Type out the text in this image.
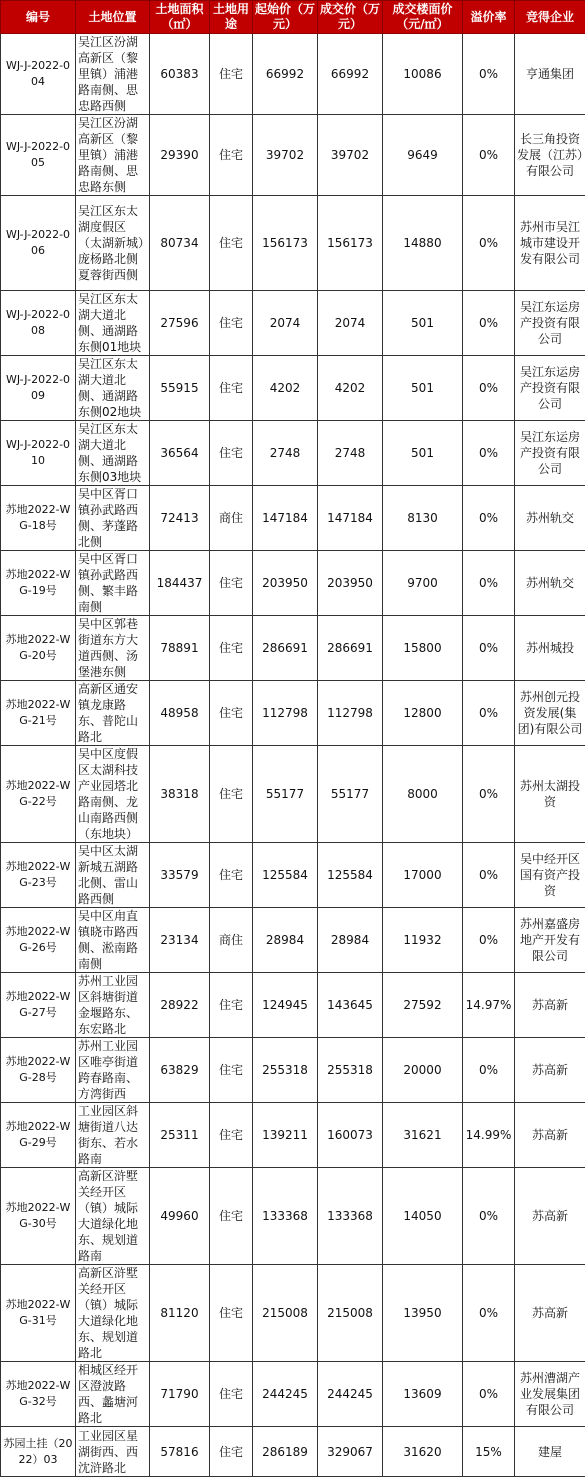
编号	土地位置	土地面积（㎡）	土地用途	起始价（万元）	成交价（万元）	成交楼面价（元/㎡）	溢价率	竞得企业
WJ-J-2022-004	吴江区汾湖高新区（黎里镇）浦港路南侧、思忠路西侧	60383	住宅	66992	66992	10086	0%	亨通集团
WJ-J-2022-005	吴江区汾湖高新区（黎里镇）浦港路南侧、思忠路东侧	29390	住宅	39702	39702	9649	0%	长三角投资发展（江苏）有限公司
WJ-J-2022-006	吴江区东太湖度假区（太湖新城）庞杨路北侧夏蓉街西侧	80734	住宅	156173	156173	14880	0%	苏州市吴江城市建设开发有限公司
WJ-J-2022-008	吴江区东太湖大道北侧、通湖路东侧01地块	27596	住宅	2074	2074	501	0%	吴江东运房产投资有限公司
WJ-J-2022-009	吴江区东太湖大道北侧、通湖路东侧02地块	55915	住宅	4202	4202	501	0%	吴江东运房产投资有限公司
WJ-J-2022-010	吴江区东太湖大道北侧、通湖路东侧03地块	36564	住宅	2748	2748	501	0%	吴江东运房产投资有限公司
苏地2022-WG-18号	吴中区胥口镇孙武路西侧、茅蓬路北侧	72413	商住	147184	147184	8130	0%	苏州轨交
苏地2022-WG-19号	吴中区胥口镇孙武路西侧、繁丰路南侧	184437	住宅	203950	203950	9700	0%	苏州轨交
苏地2022-WG-20号	吴中区郭巷街道东方大道西侧、汤堡港东侧	78891	住宅	286691	286691	15800	0%	苏州城投
苏地2022-WG-21号	高新区通安镇龙康路东、普陀山路北	48958	住宅	112798	112798	12800	0%	苏州创元投资发展(集团)有限公司
苏地2022-WG-22号	吴中区度假区太湖科技产业园塔北路南侧、龙山南路西侧（东地块）	38318	住宅	55177	55177	8000	0%	苏州太湖投资
苏地2022-WG-23号	吴中区太湖新城五湖路北侧、雷山路西侧	33579	住宅	125584	125584	17000	0%	吴中经开区国有资产投资
苏地2022-WG-26号	吴中区甪直镇晓市路西侧、淞南路南侧	23134	商住	28984	28984	11932	0%	苏州嘉盛房地产开发有限公司
苏地2022-WG-27号	苏州工业园区斜塘街道金堰路东、东宏路北	28922	住宅	124945	143645	27592	14.97%	苏高新
苏地2022-WG-28号	苏州工业园区唯亭街道跨春路南、方湾街西	63829	住宅	255318	255318	20000	0%	苏高新
苏地2022-WG-29号	工业园区斜塘街道八达街东、若水路南	25311	住宅	139211	160073	31621	14.99%	苏高新
苏地2022-WG-30号	高新区浒墅关经开区（镇）城际大道绿化地东、规划道路南	49960	住宅	133368	133368	14050	0%	苏高新
苏地2022-WG-31号	高新区浒墅关经开区（镇）城际大道绿化地东、规划道路北	81120	住宅	215008	215008	13950	0%	苏高新
苏地2022-WG-32号	相城区经开区澄波路西、蠡塘河路北	71790	住宅	244245	244245	13609	0%	苏州漕湖产业发展集团有限公司
苏园土挂（2022）03	工业园区星湖街西、西沈浒路北	57816	住宅	286189	329067	31620	15%	建屋
